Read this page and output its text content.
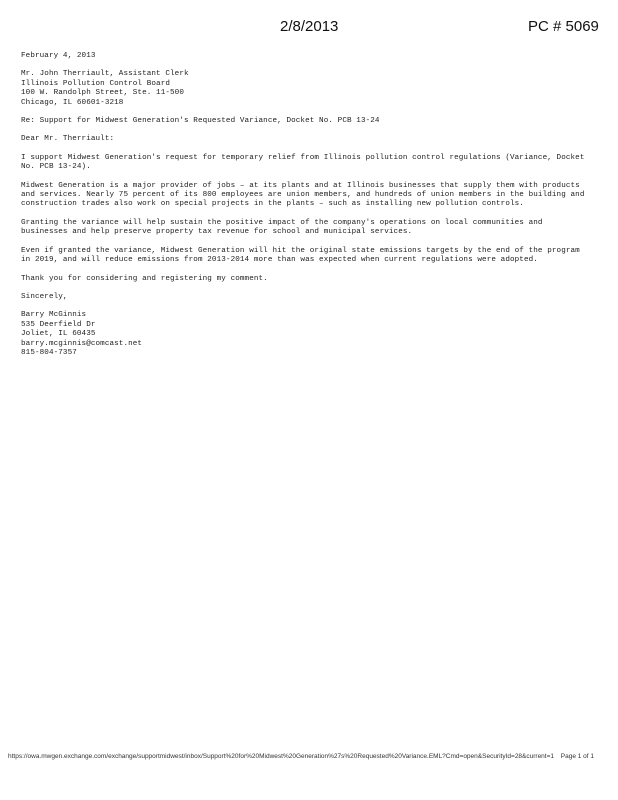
2/8/2013	PC # 5069

February 4, 2013

Mr. John Therriault, Assistant Clerk

Illinois Pollution Control Board

100 W. Randolph Street, Ste. 11-500

Chicago, IL 60601-3218

Re: Support for Midwest Generation's Requested Variance, Docket No. PCB 13-24

Dear Mr. Therriault:

I support Midwest Generation's request for temporary relief from Illinois pollution control regulations (Variance, Docket No. PCB 13-24).

Midwest Generation is a major provider of jobs – at its plants and at Illinois businesses that supply them with products and services. Nearly 75 percent of its 800 employees are union members, and hundreds of union members in the building and construction trades also work on special projects in the plants – such as installing new pollution controls.

Granting the variance will help sustain the positive impact of the company's operations on local communities and businesses and help preserve property tax revenue for school and municipal services.

Even if granted the variance, Midwest Generation will hit the original state emissions targets by the end of the program in 2019, and will reduce emissions from 2013-2014 more than was expected when current regulations were adopted.

Thank you for considering and registering my comment.

Sincerely,

Barry McGinnis

535 Deerfield Dr

Joliet, IL 60435

barry.mcginnis@comcast.net

815-804-7357

https://owa.mwgen.exchange.com/exchange/supportmidwest/inbox/Support%20for%20Midwest%20Generation%27s%20Requested%20Variance.EML?Cmd=open&SecurityId=28&current=1 Page 1 of 1
